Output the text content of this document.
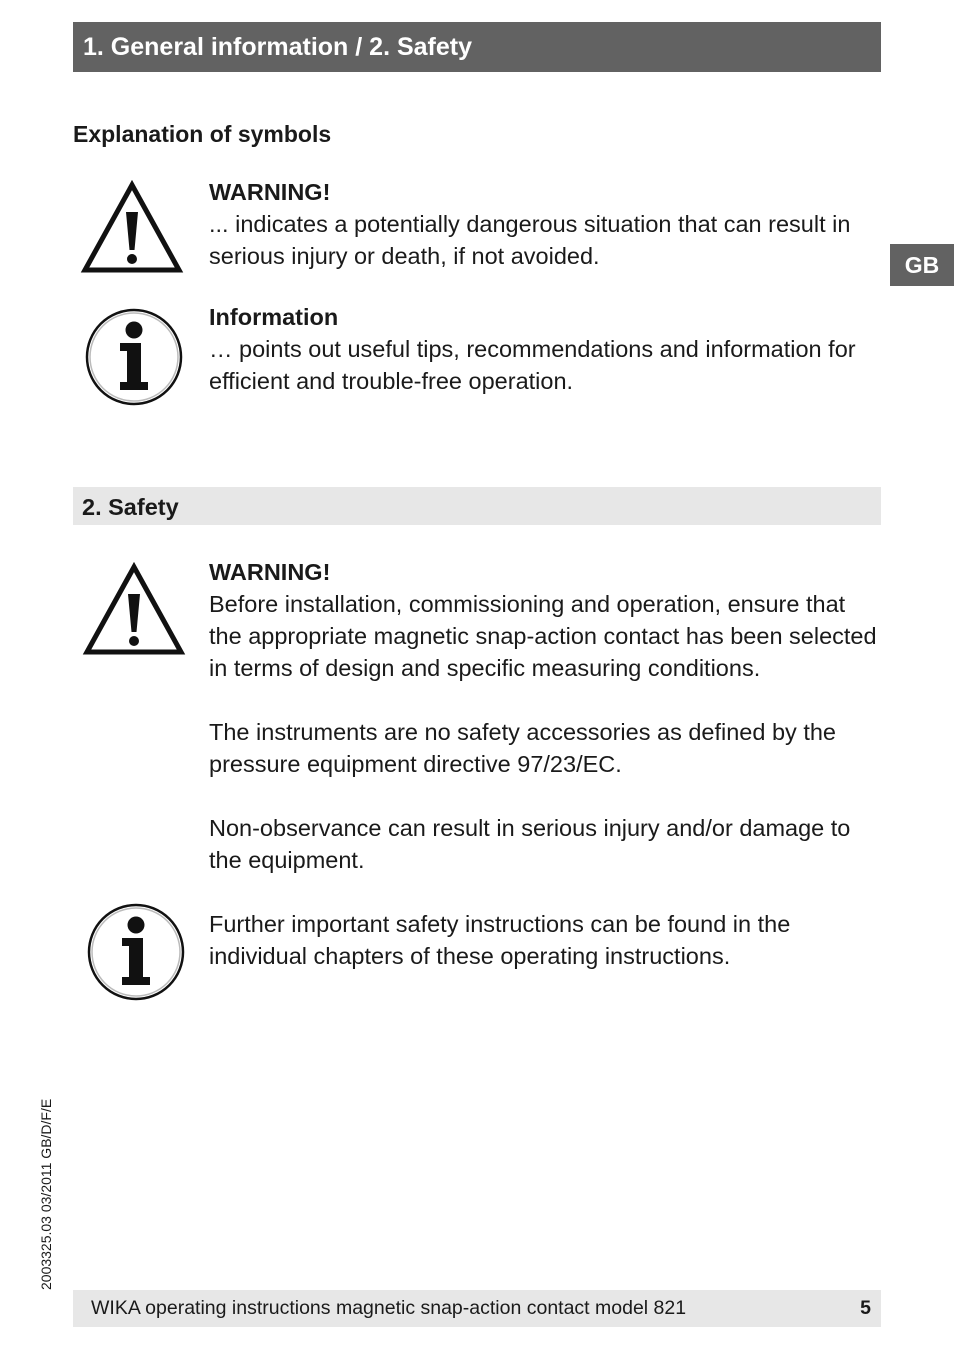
1. General information / 2. Safety
GB
Explanation of symbols
WARNING!

... indicates a potentially dangerous situation that can result in serious injury or death, if not avoided.

Information

… points out useful tips, recommendations and information for efficient and trouble-free operation.

2. Safety
WARNING!

Before installation, commissioning and operation, ensure that the appropriate magnetic snap-action contact has been selected in terms of design and specific measuring conditions.

The instruments are no safety accessories as defined by the pressure equipment directive 97/23/EC.

Non-observance can result in serious injury and/or damage to the equipment.

Further important safety instructions can be found in the individual chapters of these operating instructions.

2003325.03 03/2011 GB/D/F/E
WIKA operating instructions magnetic snap-action contact model 821	5
